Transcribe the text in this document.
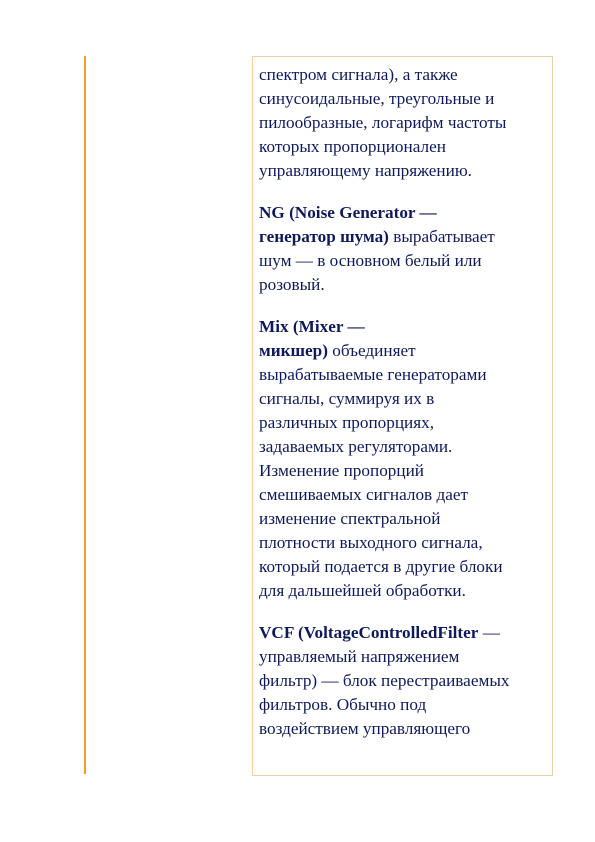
спектром сигнала), а также
синусоидальные, треугольные и
пилообразные, логарифм частоты
которых пропорционален
управляющему напряжению.

NG (Noise Generator —
генератор шума) вырабатывает
шум — в основном белый или
розовый.

Mix (Mixer —
микшер) объединяет
вырабатываемые генераторами
сигналы, суммируя их в
различных пропорциях,
задаваемых регуляторами.
Изменение пропорций
смешиваемых сигналов дает
изменение спектральной
плотности выходного сигнала,
который подается в другие блоки
для дальшейшей обработки.

VCF (VoltageControlledFilter —
управляемый напряжением
фильтр) — блок перестраиваемых
фильтров. Обычно под
воздействием управляющего
